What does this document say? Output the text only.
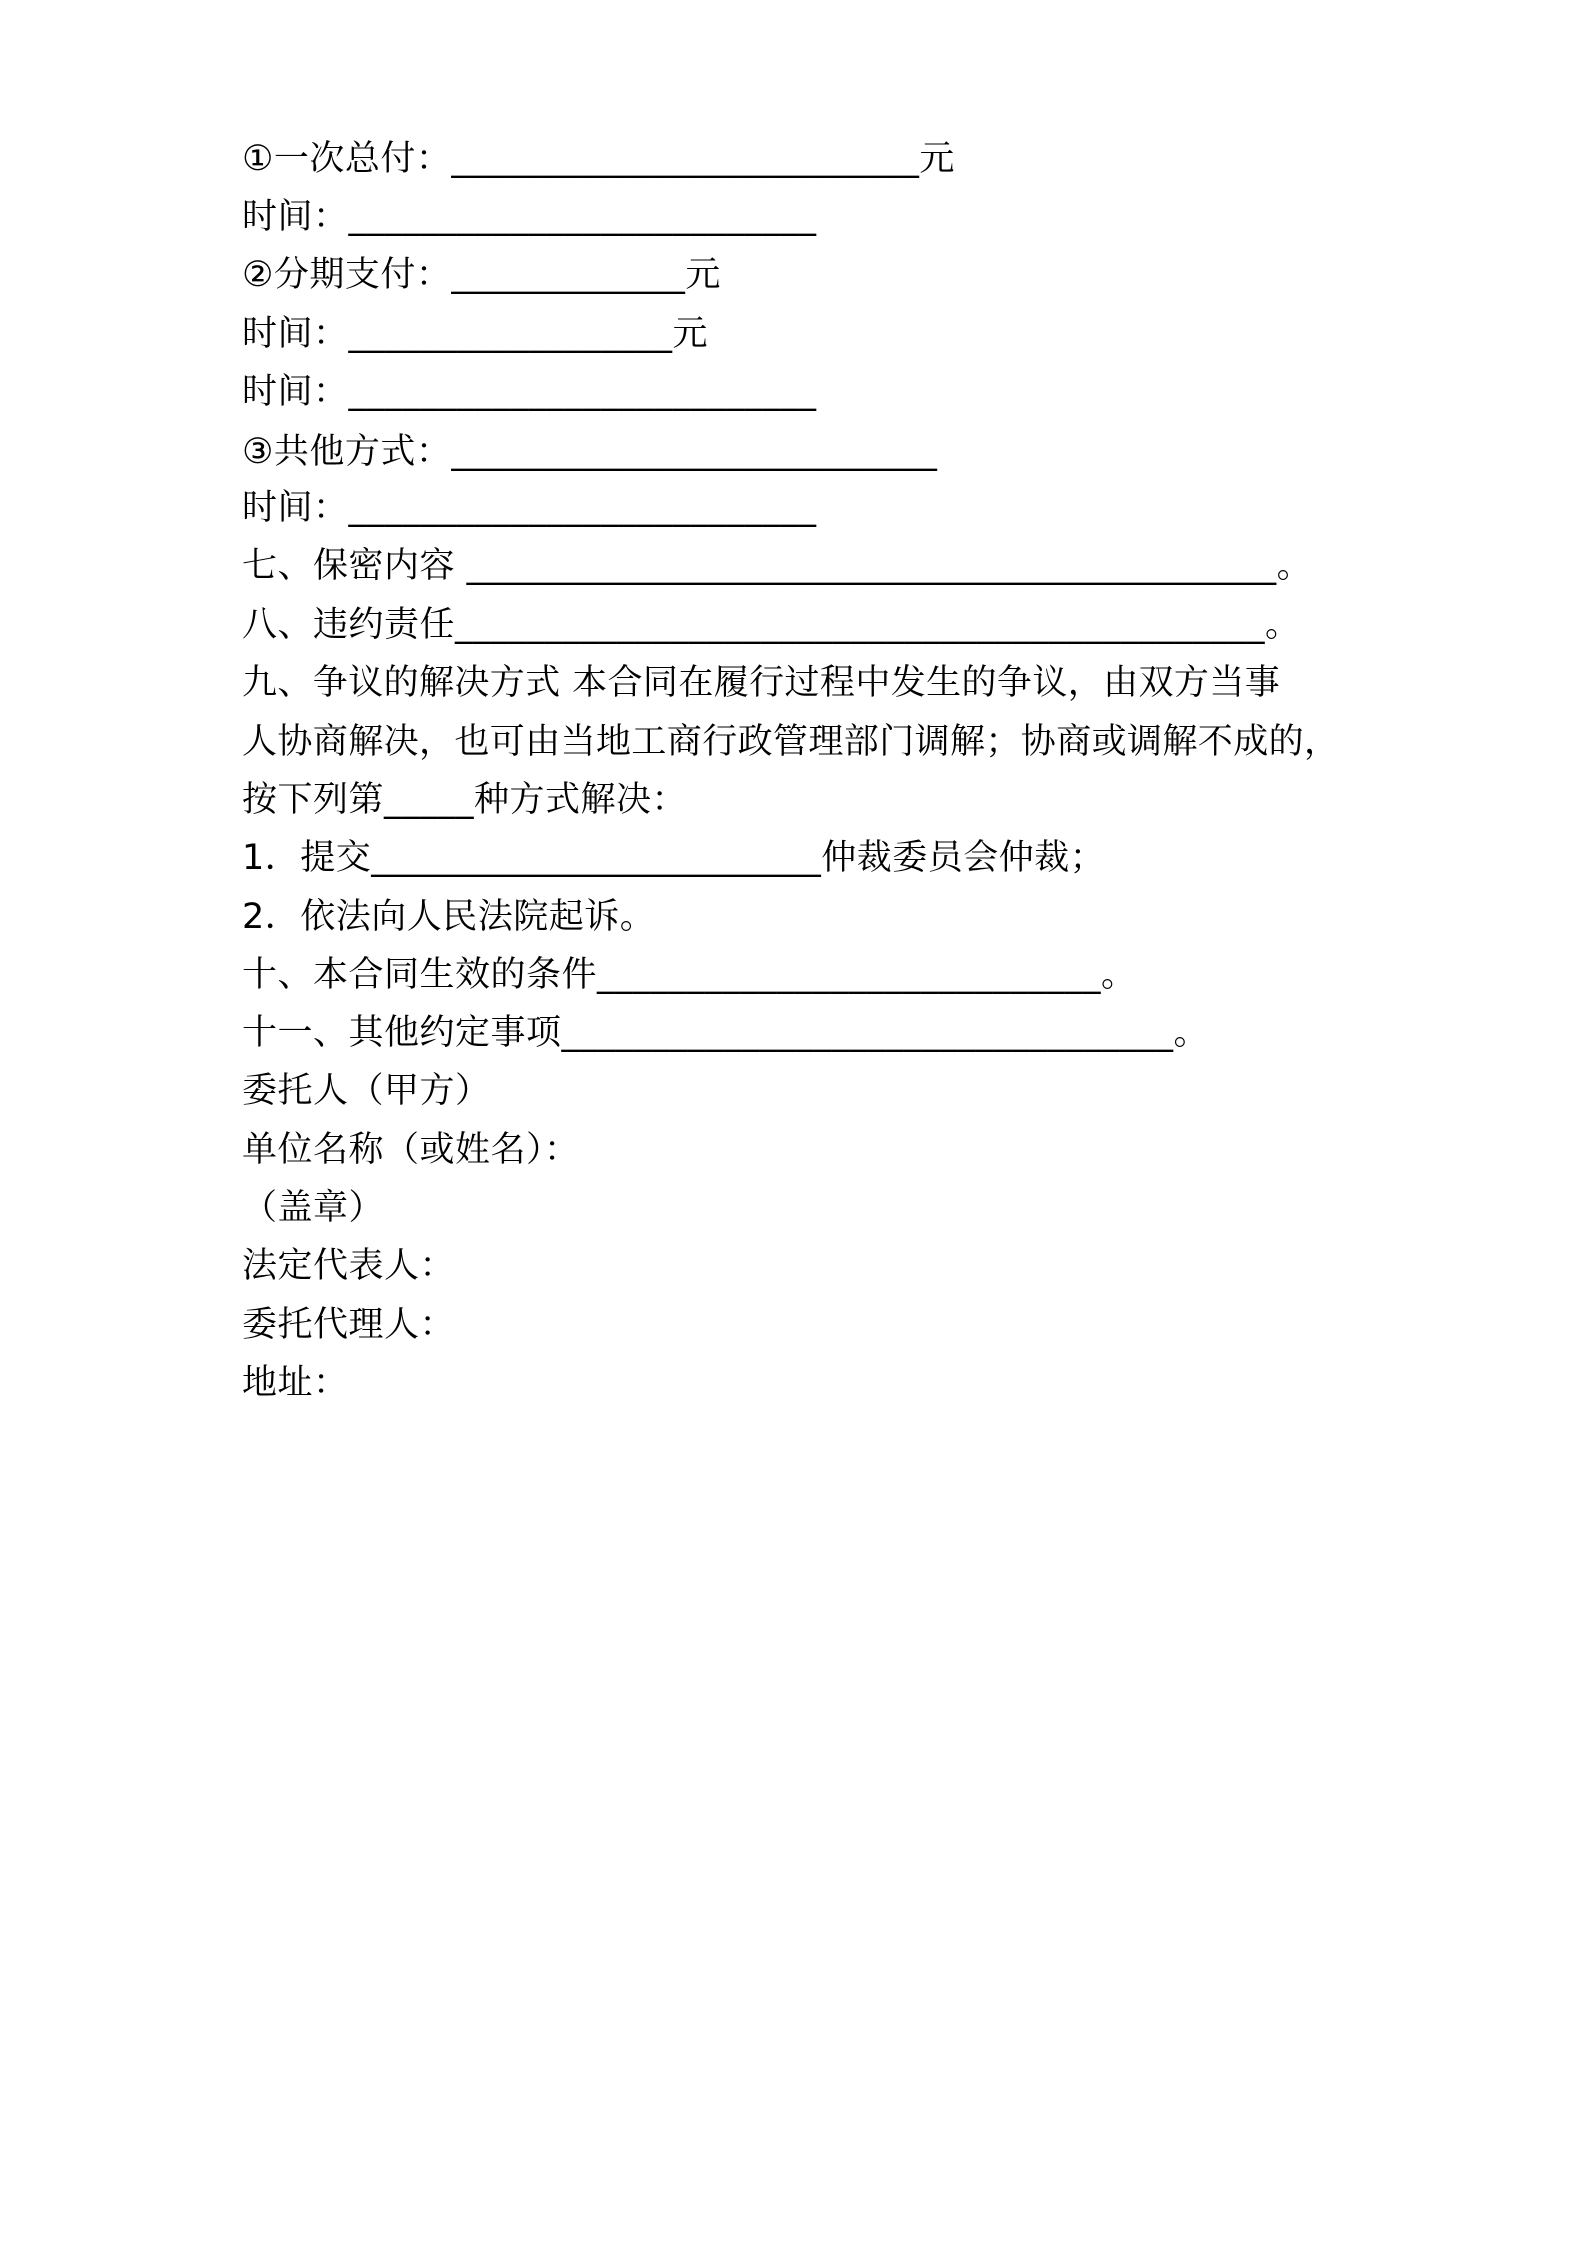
①一次总付：__________________________元
时间：__________________________
②分期支付：_____________元
时间：__________________元
时间：__________________________
③共他方式：___________________________
时间：__________________________
七、保密内容 _____________________________________________。
八、违约责任_____________________________________________。
九、争议的解决方式 本合同在履行过程中发生的争议，由双方当事
人协商解决，也可由当地工商行政管理部门调解；协商或调解不成的，
按下列第_____种方式解决：
1．提交_________________________仲裁委员会仲裁；
2．依法向人民法院起诉。
十、本合同生效的条件____________________________。
十一、其他约定事项__________________________________。
委托人（甲方）
单位名称（或姓名）：
（盖章）
法定代表人：
委托代理人：
地址：
